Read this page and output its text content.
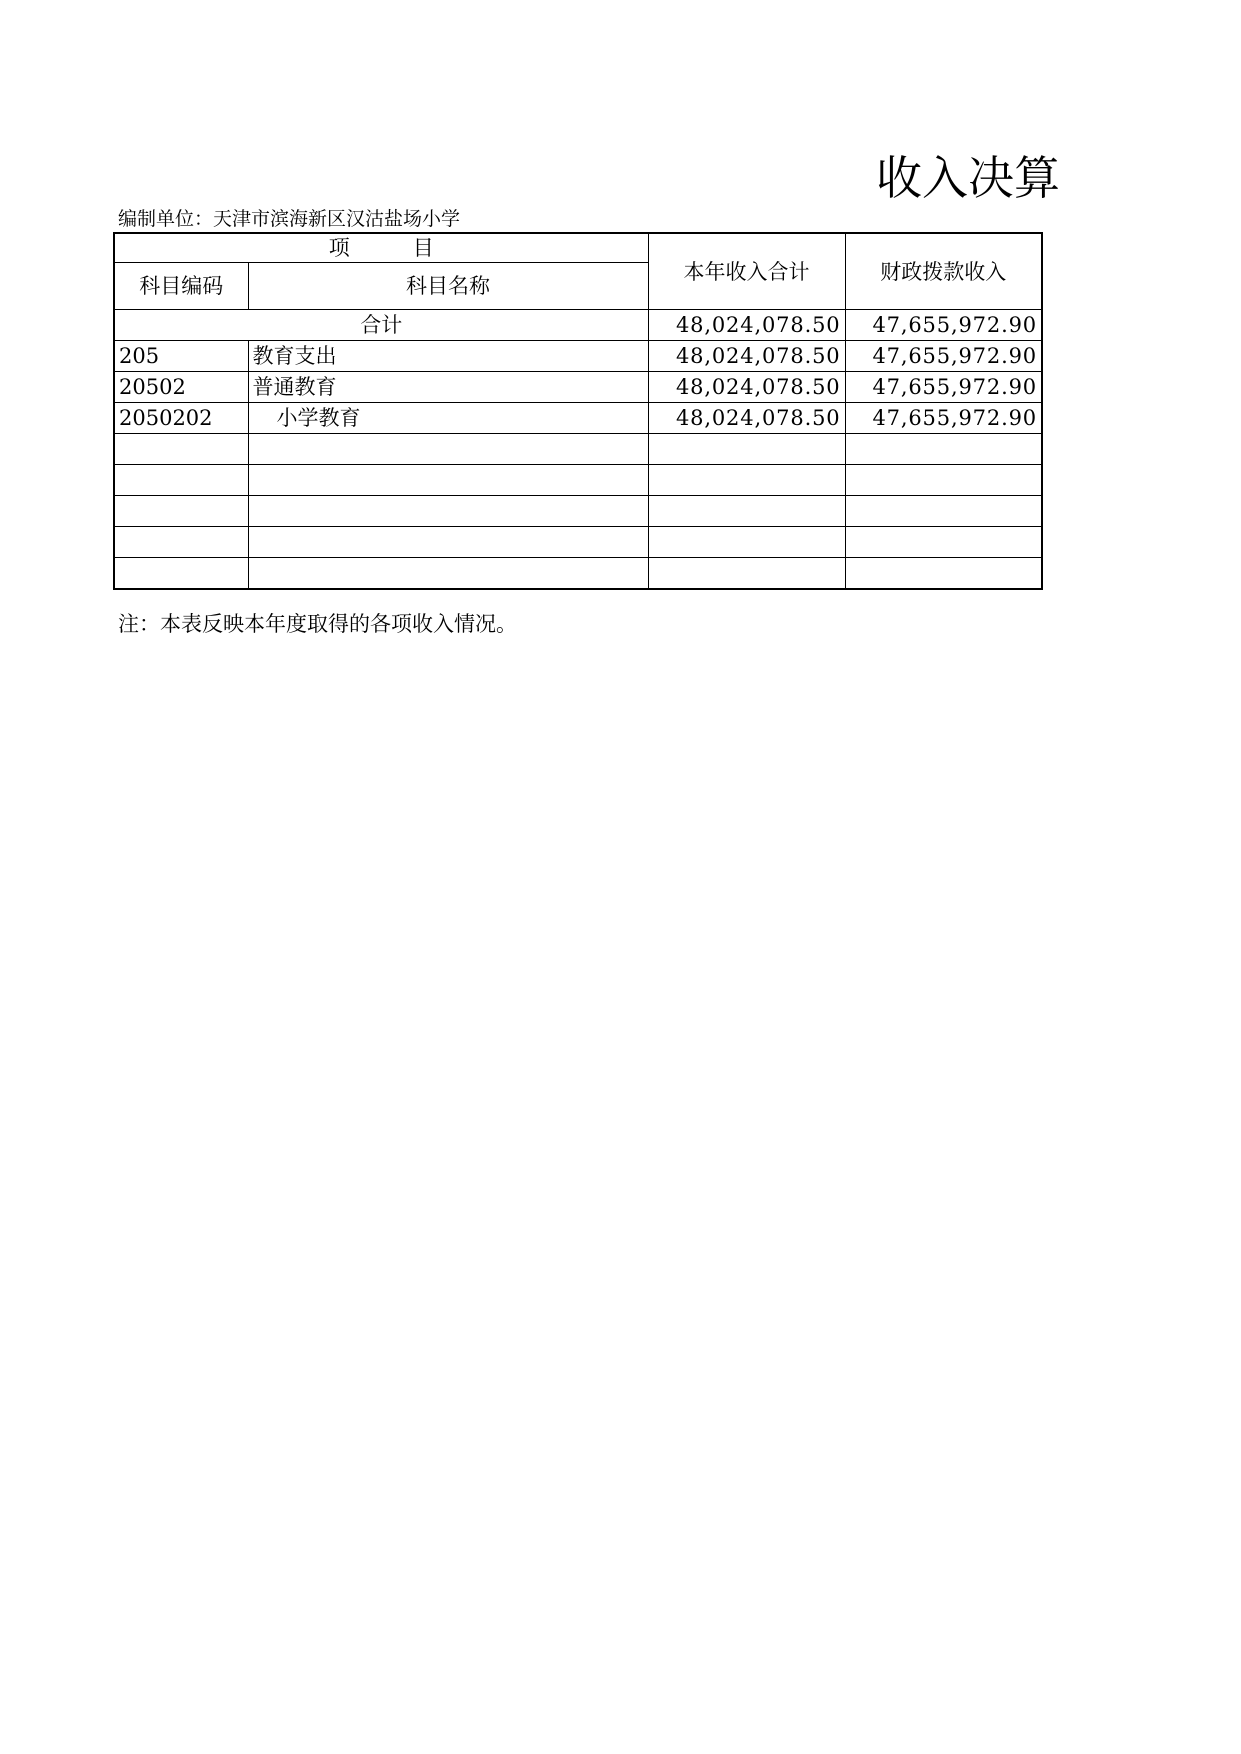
收入决算
编制单位：天津市滨海新区汉沽盐场小学
项　　　目		本年收入合计	财政拨款收入
科目编码	科目名称		
合计		48,024,078.50	47,655,972.90
205	教育支出	48,024,078.50	47,655,972.90
20502	普通教育	48,024,078.50	47,655,972.90
2050202	小学教育	48,024,078.50	47,655,972.90

注：本表反映本年度取得的各项收入情况。
